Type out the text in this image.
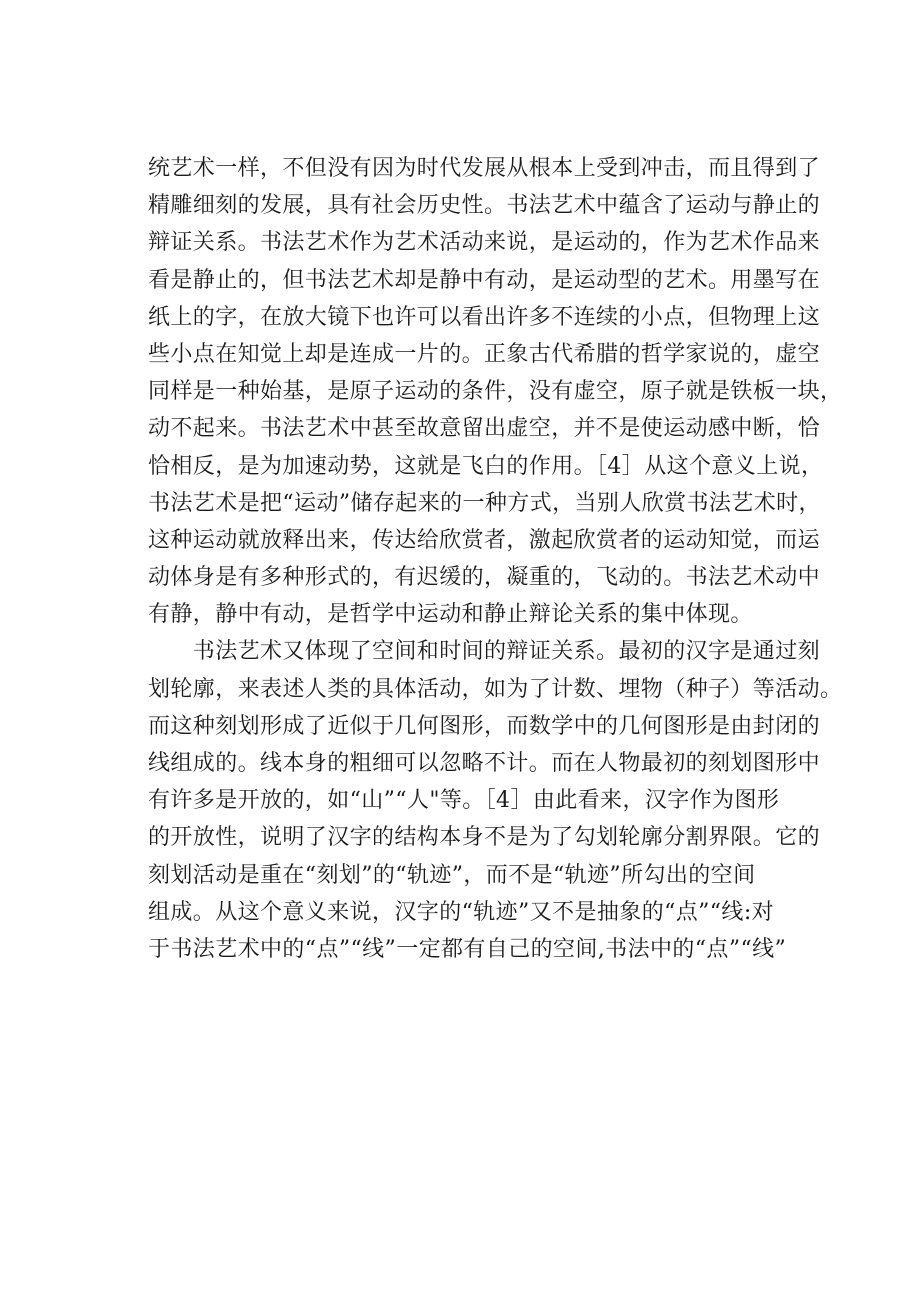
统艺术一样，不但没有因为时代发展从根本上受到冲击，而且得到了
精雕细刻的发展，具有社会历史性。书法艺术中蕴含了运动与静止的
辩证关系。书法艺术作为艺术活动来说，是运动的，作为艺术作品来
看是静止的，但书法艺术却是静中有动，是运动型的艺术。用墨写在
纸上的字，在放大镜下也许可以看出许多不连续的小点，但物理上这
些小点在知觉上却是连成一片的。正象古代希腊的哲学家说的，虚空
同样是一种始基，是原子运动的条件，没有虚空，原子就是铁板一块，
动不起来。书法艺术中甚至故意留出虚空，并不是使运动感中断，恰
恰相反，是为加速动势，这就是飞白的作用。［4］从这个意义上说，
书法艺术是把“运动”储存起来的一种方式，当别人欣赏书法艺术时，
这种运动就放释出来，传达给欣赏者，激起欣赏者的运动知觉，而运
动体身是有多种形式的，有迟缓的，凝重的，飞动的。书法艺术动中
有静，静中有动，是哲学中运动和静止辩论关系的集中体现。
　　书法艺术又体现了空间和时间的辩证关系。最初的汉字是通过刻
划轮廓，来表述人类的具体活动，如为了计数、埋物（种子）等活动。
而这种刻划形成了近似于几何图形，而数学中的几何图形是由封闭的
线组成的。线本身的粗细可以忽略不计。而在人物最初的刻划图形中
有许多是开放的，如“山”“人"等。［4］由此看来，汉字作为图形
的开放性，说明了汉字的结构本身不是为了勾划轮廓分割界限。它的
刻划活动是重在“刻划”的“轨迹”，而不是“轨迹”所勾出的空间
组成。从这个意义来说，汉字的“轨迹”又不是抽象的“点”“线:对
于书法艺术中的“点”“线”一定都有自己的空间,书法中的“点”“线”
